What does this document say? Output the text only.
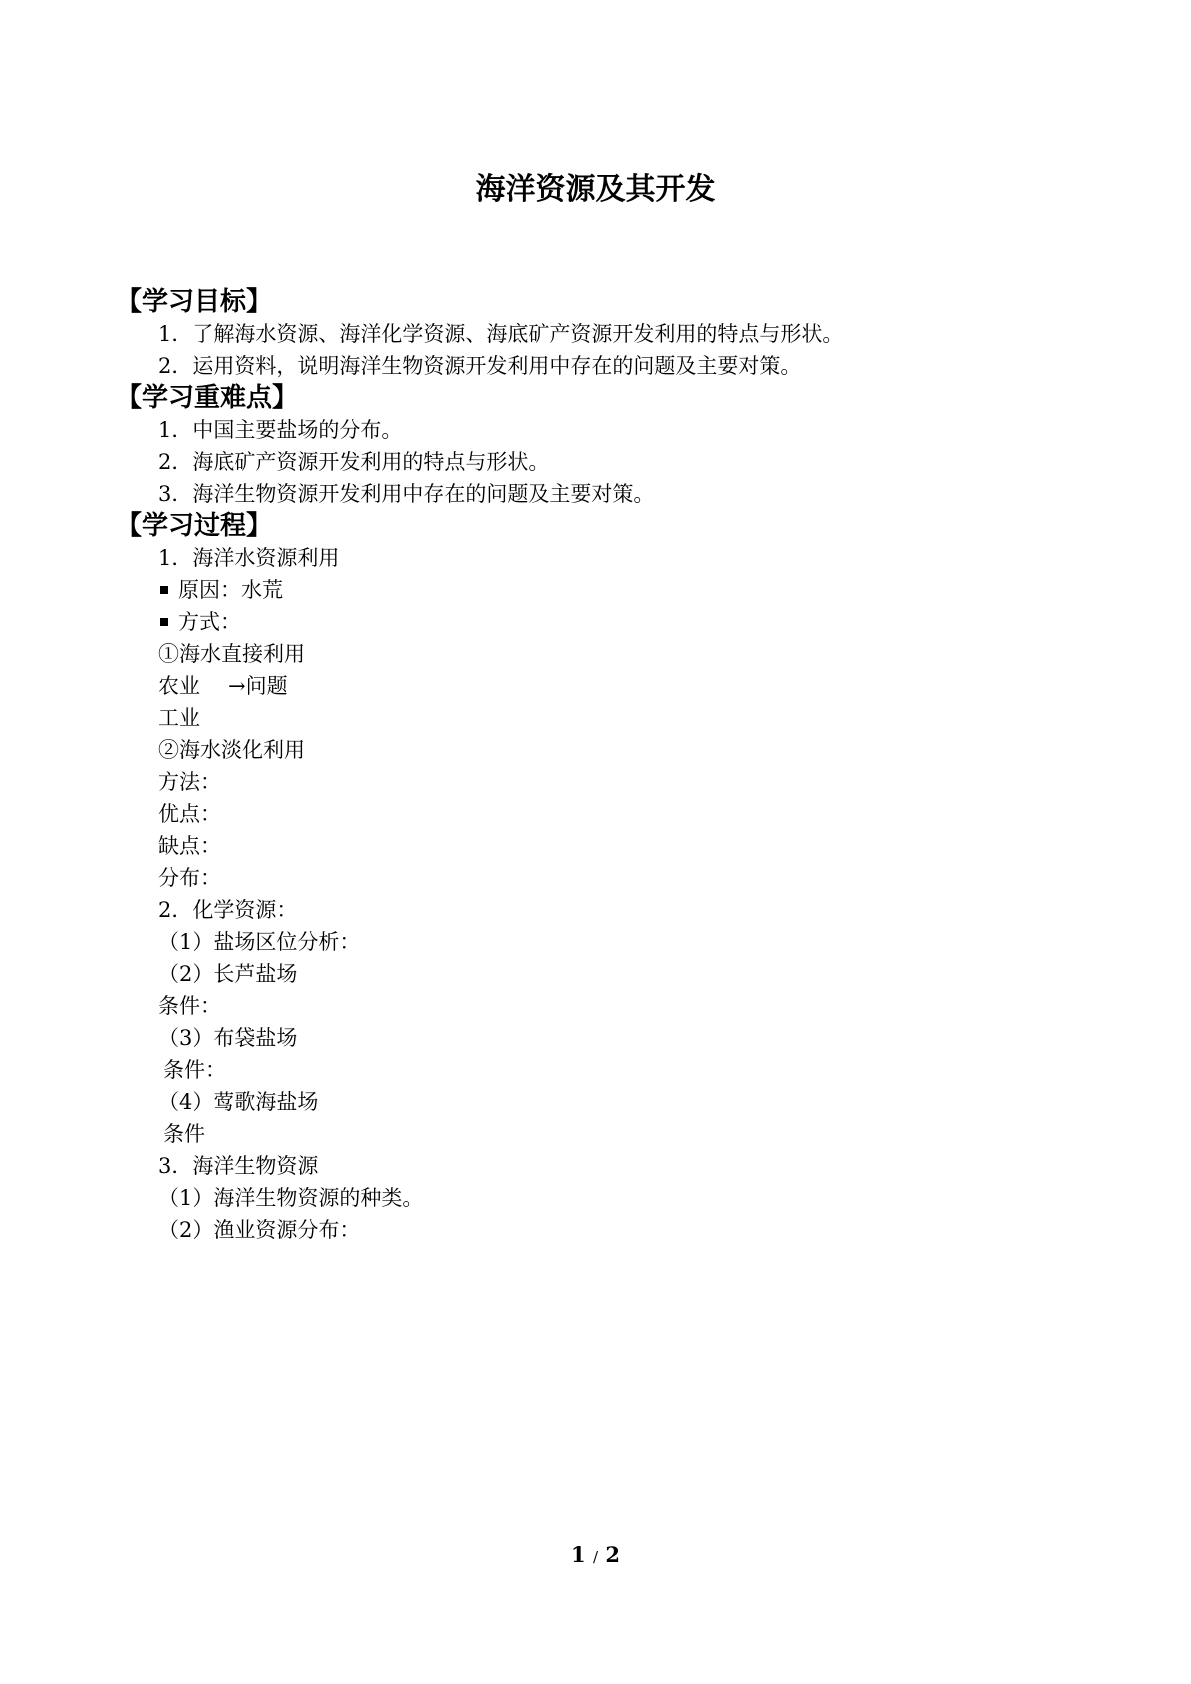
海洋资源及其开发
【学习目标】
1．了解海水资源、海洋化学资源、海底矿产资源开发利用的特点与形状。
2．运用资料，说明海洋生物资源开发利用中存在的问题及主要对策。
【学习重难点】
1．中国主要盐场的分布。
2．海底矿产资源开发利用的特点与形状。
3．海洋生物资源开发利用中存在的问题及主要对策。
【学习过程】
1．海洋水资源利用
原因：水荒
方式：
①海水直接利用
农业 →问题
工业
②海水淡化利用
方法：
优点：
缺点：
分布：
2．化学资源：
（1）盐场区位分析：
（2）长芦盐场
条件：
（3）布袋盐场
条件：
（4）莺歌海盐场
条件
3．海洋生物资源
（1）海洋生物资源的种类。
（2）渔业资源分布：
1 / 2
